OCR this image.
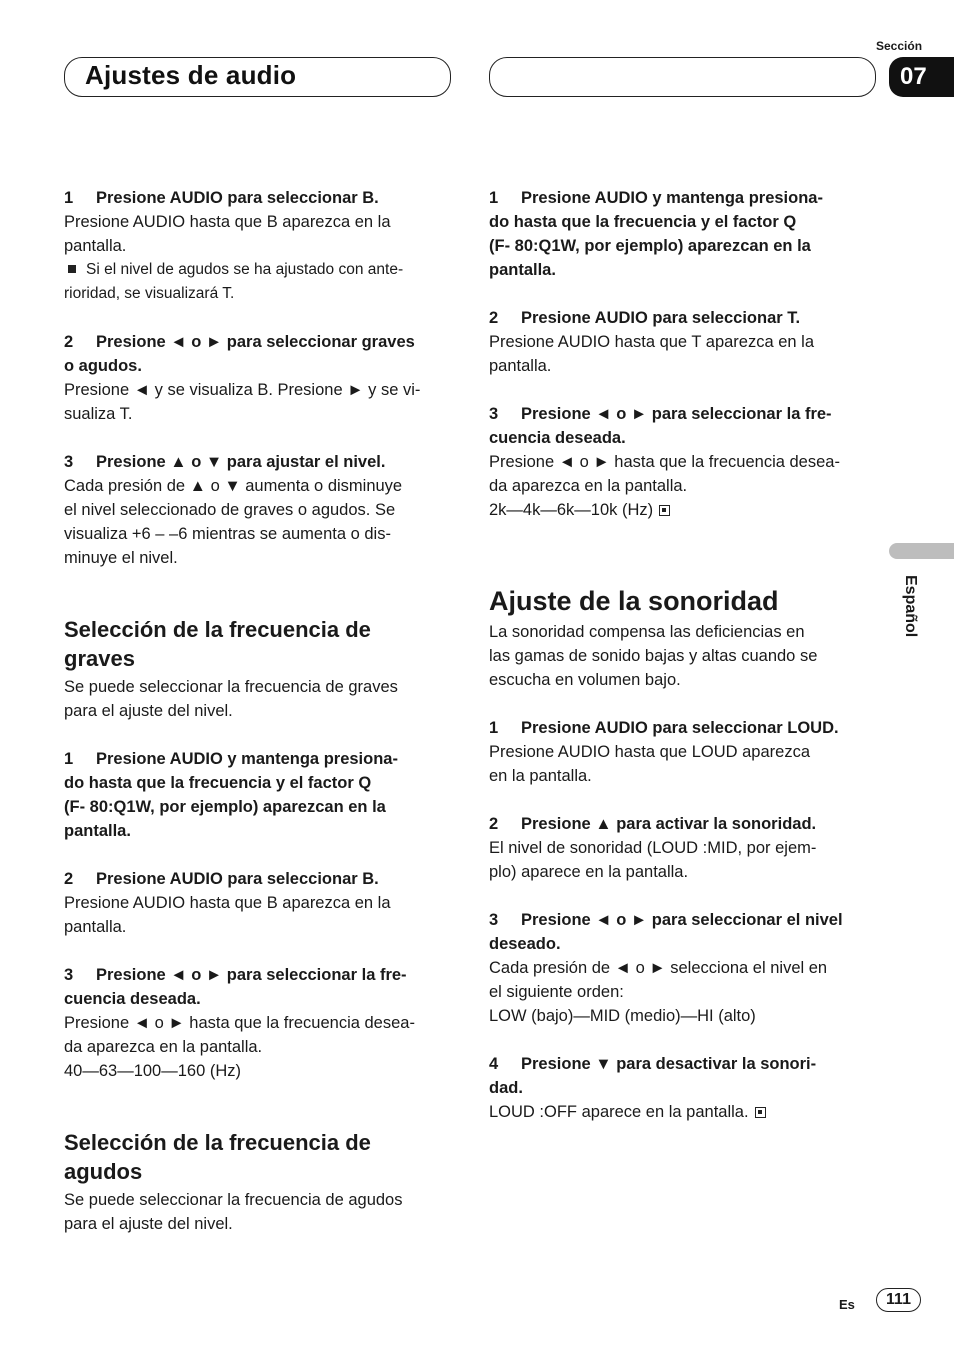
Ajustes de audio
Sección
07
Español
1 Presione AUDIO para seleccionar B.

Presione AUDIO hasta que B aparezca en la

pantalla.

Si el nivel de agudos se ha ajustado con ante-

rioridad, se visualizará T.

2 Presione ◄ o ► para seleccionar graves
o agudos.

Presione ◄ y se visualiza B. Presione ► y se vi-

sualiza T.

3 Presione ▲ o ▼ para ajustar el nivel.

Cada presión de ▲ o ▼ aumenta o disminuye

el nivel seleccionado de graves o agudos. Se

visualiza +6 – –6 mientras se aumenta o dis-

minuye el nivel.

Selección de la frecuencia de
graves

Se puede seleccionar la frecuencia de graves

para el ajuste del nivel.

1 Presione AUDIO y mantenga presiona-
do hasta que la frecuencia y el factor Q
(F- 80:Q1W, por ejemplo) aparezcan en la
pantalla.
2 Presione AUDIO para seleccionar B.

Presione AUDIO hasta que B aparezca en la

pantalla.

3 Presione ◄ o ► para seleccionar la fre-
cuencia deseada.

Presione ◄ o ► hasta que la frecuencia desea-

da aparezca en la pantalla.

40—63—100—160 (Hz)

Selección de la frecuencia de
agudos

Se puede seleccionar la frecuencia de agudos

para el ajuste del nivel.

1 Presione AUDIO y mantenga presiona-
do hasta que la frecuencia y el factor Q
(F- 80:Q1W, por ejemplo) aparezcan en la
pantalla.
2 Presione AUDIO para seleccionar T.

Presione AUDIO hasta que T aparezca en la

pantalla.

3 Presione ◄ o ► para seleccionar la fre-
cuencia deseada.

Presione ◄ o ► hasta que la frecuencia desea-

da aparezca en la pantalla.

2k—4k—6k—10k (Hz)

Ajuste de la sonoridad

La sonoridad compensa las deficiencias en

las gamas de sonido bajas y altas cuando se

escucha en volumen bajo.

1 Presione AUDIO para seleccionar LOUD.

Presione AUDIO hasta que LOUD aparezca

en la pantalla.

2 Presione ▲ para activar la sonoridad.

El nivel de sonoridad (LOUD :MID, por ejem-

plo) aparece en la pantalla.

3 Presione ◄ o ► para seleccionar el nivel
deseado.

Cada presión de ◄ o ► selecciona el nivel en

el siguiente orden:

LOW (bajo)—MID (medio)—HI (alto)

4 Presione ▼ para desactivar la sonori-
dad.

LOUD :OFF aparece en la pantalla.

Es	111
